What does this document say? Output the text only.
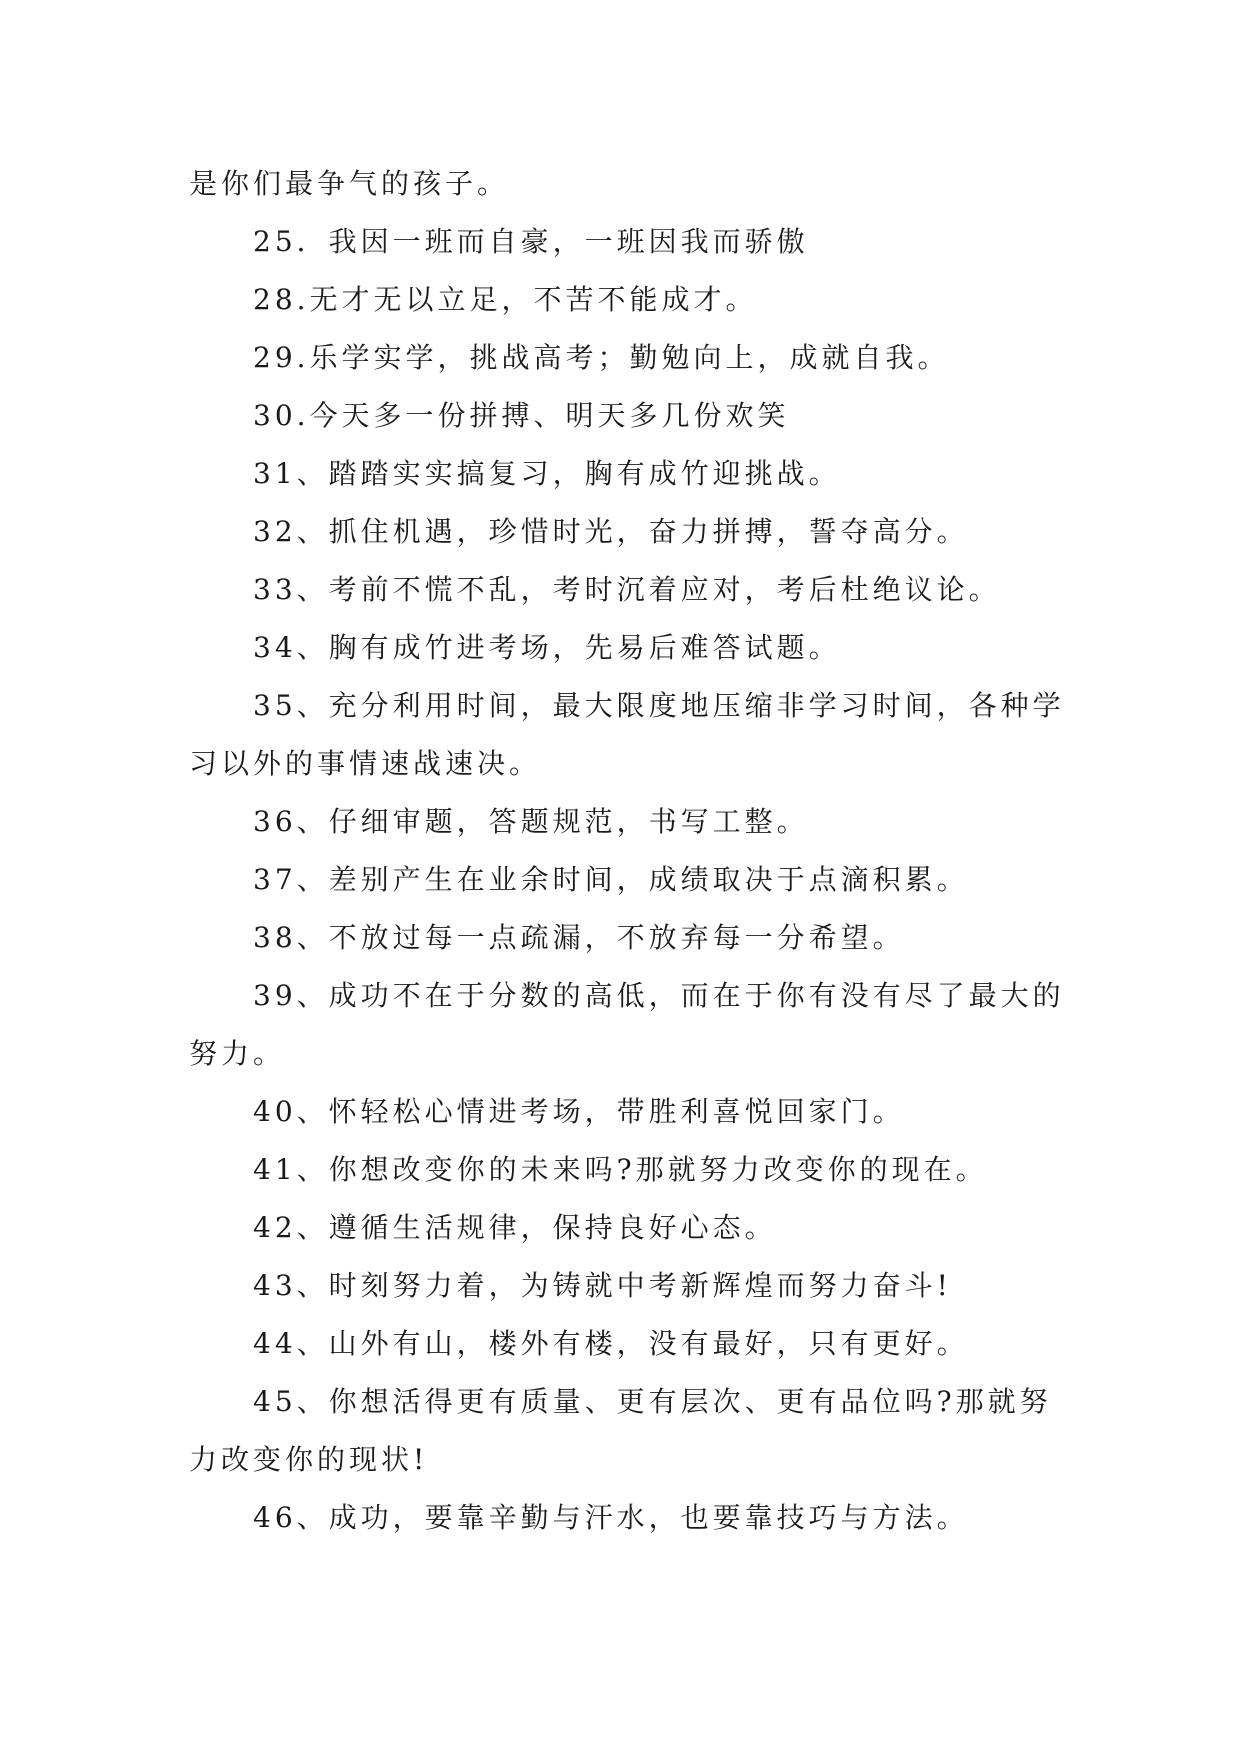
是你们最争气的孩子。

25．我因一班而自豪，一班因我而骄傲

28.无才无以立足，不苦不能成才。

29.乐学实学，挑战高考；勤勉向上，成就自我。

30.今天多一份拼搏、明天多几份欢笑

31、踏踏实实搞复习，胸有成竹迎挑战。

32、抓住机遇，珍惜时光，奋力拼搏，誓夺高分。

33、考前不慌不乱，考时沉着应对，考后杜绝议论。

34、胸有成竹进考场，先易后难答试题。

35、充分利用时间，最大限度地压缩非学习时间，各种学习以外的事情速战速决。

36、仔细审题，答题规范，书写工整。

37、差别产生在业余时间，成绩取决于点滴积累。

38、不放过每一点疏漏，不放弃每一分希望。

39、成功不在于分数的高低，而在于你有没有尽了最大的努力。

40、怀轻松心情进考场，带胜利喜悦回家门。

41、你想改变你的未来吗?那就努力改变你的现在。

42、遵循生活规律，保持良好心态。

43、时刻努力着，为铸就中考新辉煌而努力奋斗!

44、山外有山，楼外有楼，没有最好，只有更好。

45、你想活得更有质量、更有层次、更有品位吗?那就努力改变你的现状!

46、成功，要靠辛勤与汗水，也要靠技巧与方法。
